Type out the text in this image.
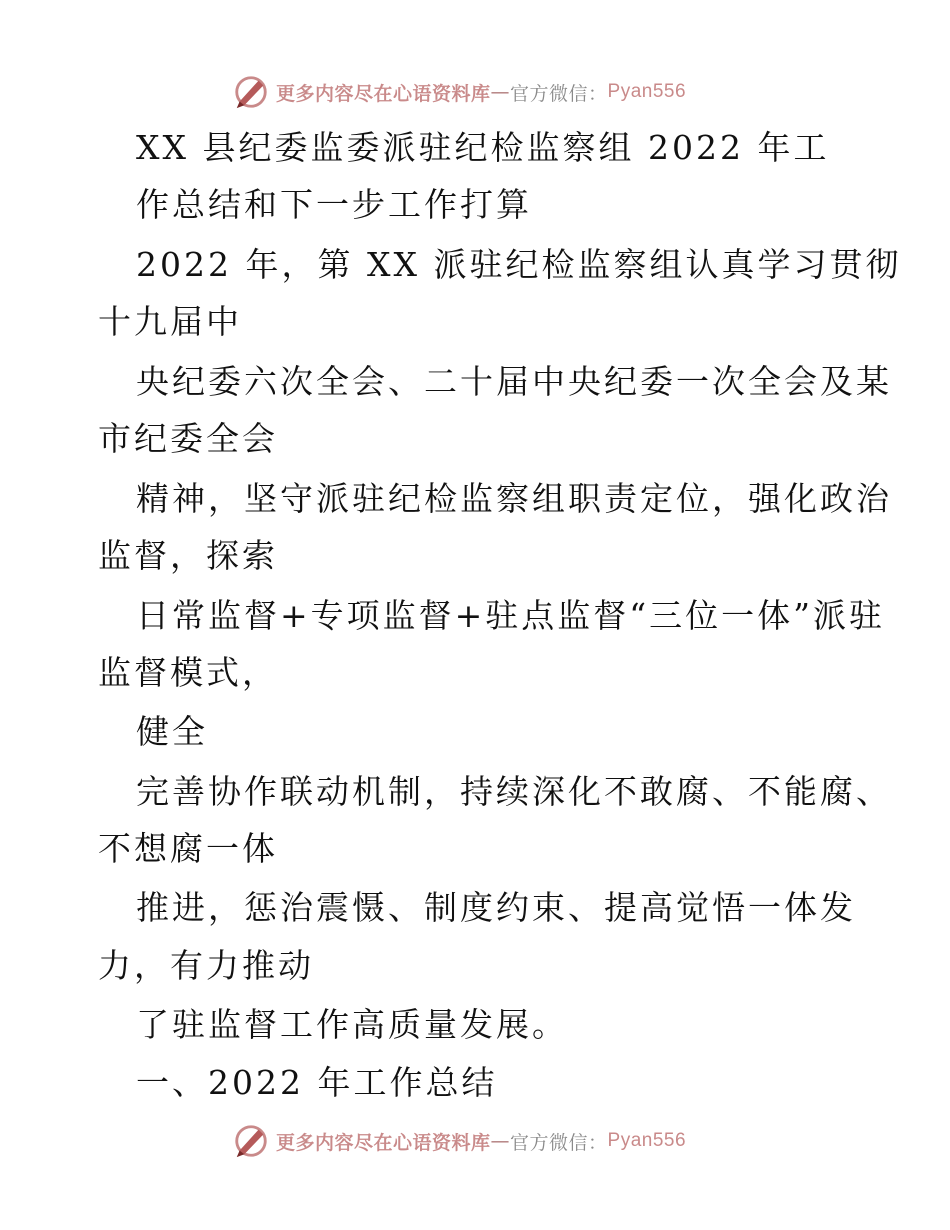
更多内容尽在心语资料库 — 官方微信： Pyan556
XX 县纪委监委派驻纪检监察组 2022 年工
作总结和下一步工作打算
2022 年，第 XX 派驻纪检监察组认真学习贯彻
十九届中
央纪委六次全会、二十届中央纪委一次全会及某
市纪委全会
精神，坚守派驻纪检监察组职责定位，强化政治
监督，探索
日常监督+专项监督+驻点监督“三位一体”派驻
监督模式，
健全
完善协作联动机制，持续深化不敢腐、不能腐、
不想腐一体
推进，惩治震慑、制度约束、提高觉悟一体发
力，有力推动
了驻监督工作高质量发展。
一、2022 年工作总结
更多内容尽在心语资料库 — 官方微信： Pyan556
